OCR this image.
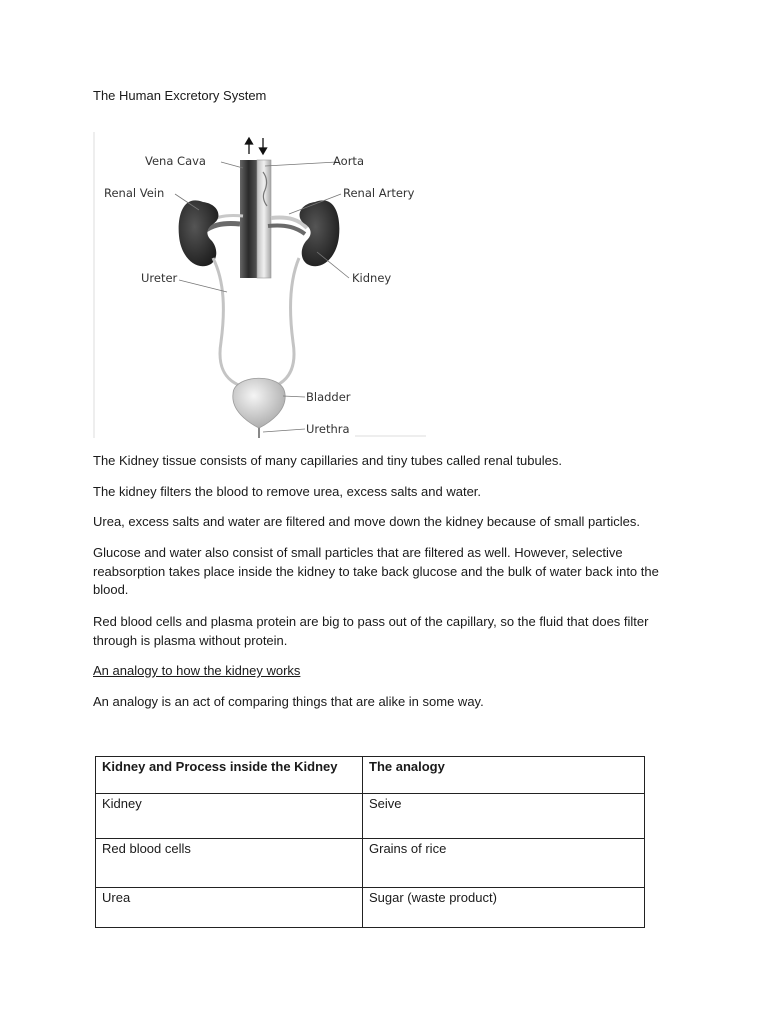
The Human Excretory System
Vena Cava	Aorta
Renal Vein	Renal Artery
Ureter	Kidney
Bladder
Urethra

The Kidney tissue consists of many capillaries and tiny tubes called renal tubules.

The kidney filters the blood to remove urea, excess salts and water.

Urea, excess salts and water are filtered and move down the kidney because of small particles.

Glucose and water also consist of small particles that are filtered as well. However, selective reabsorption takes place inside the kidney to take back glucose and the bulk of water back into the blood.

Red blood cells and plasma protein are big to pass out of the capillary, so the fluid that does filter through is plasma without protein.

An analogy to how the kidney works

An analogy is an act of comparing things that are alike in some way.

Kidney and Process inside the Kidney	The analogy
Kidney	Seive
Red blood cells	Grains of rice
Urea	Sugar (waste product)
